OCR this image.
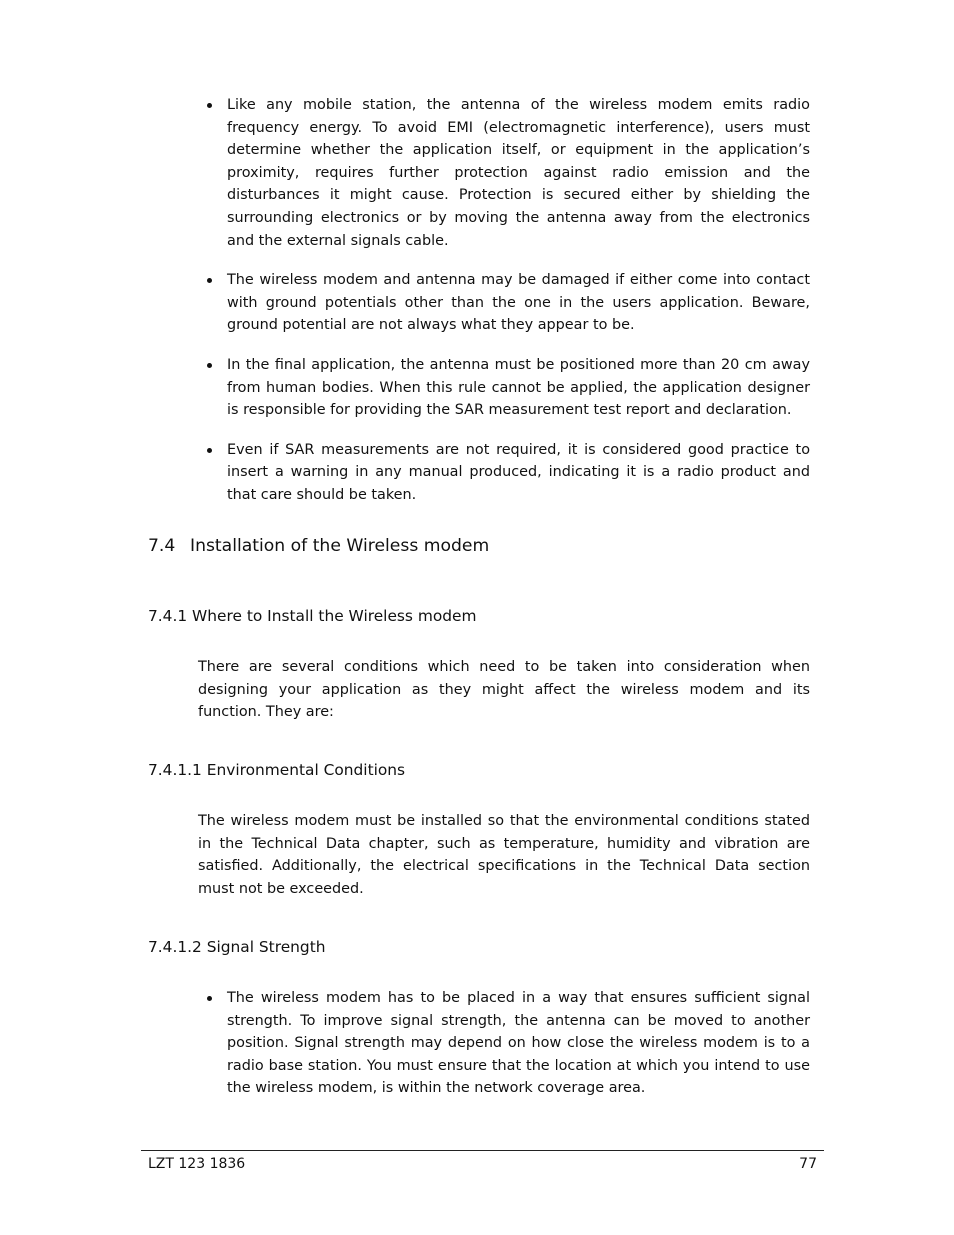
Like any mobile station, the antenna of the wireless modem emits radio frequency energy. To avoid EMI (electromagnetic interference), users must determine whether the application itself, or equipment in the application’s proximity, requires further protection against radio emission and the disturbances it might cause. Protection is secured either by shielding the surrounding electronics or by moving the antenna away from the electronics and the external signals cable.
The wireless modem and antenna may be damaged if either come into contact with ground potentials other than the one in the users application. Beware, ground potential are not always what they appear to be.
In the final application, the antenna must be positioned more than 20 cm away from human bodies. When this rule cannot be applied, the application designer is responsible for providing the SAR measurement test report and declaration.
Even if SAR measurements are not required, it is considered good practice to insert a warning in any manual produced, indicating it is a radio product and that care should be taken.
7.4 Installation of the Wireless modem
7.4.1 Where to Install the Wireless modem

There are several conditions which need to be taken into consideration when designing your application as they might affect the wireless modem and its function. They are:

7.4.1.1 Environmental Conditions

The wireless modem must be installed so that the environmental conditions stated in the Technical Data chapter, such as temperature, humidity and vibration are satisfied. Additionally, the electrical specifications in the Technical Data section must not be exceeded.

7.4.1.2 Signal Strength
The wireless modem has to be placed in a way that ensures sufficient signal strength. To improve signal strength, the antenna can be moved to another position. Signal strength may depend on how close the wireless modem is to a radio base station. You must ensure that the location at which you intend to use the wireless modem, is within the network coverage area.
LZT 123 1836	77
